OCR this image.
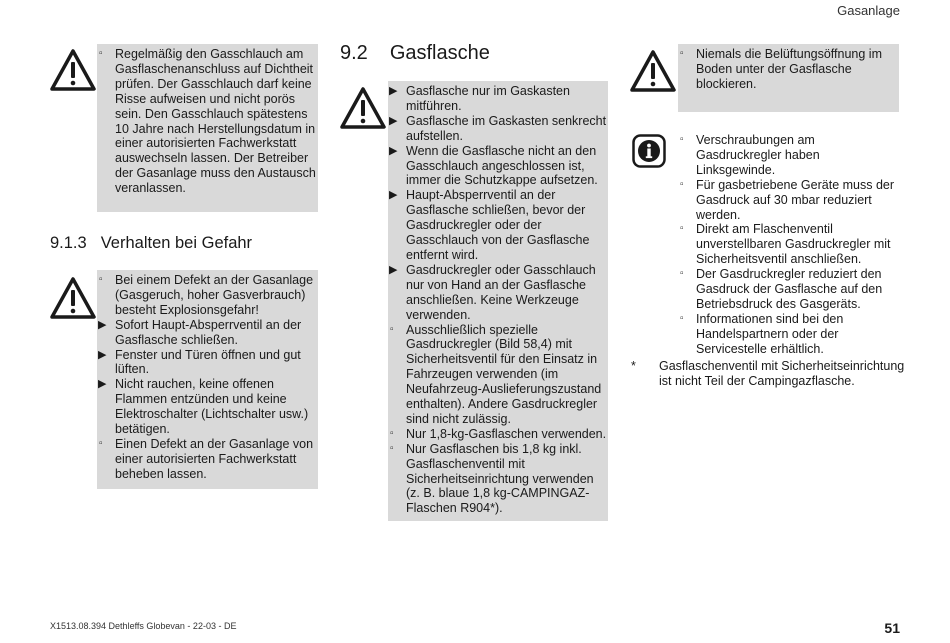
Gasanlage
▫ Regelmäßig den Gasschlauch am Gasflaschenanschluss auf Dichtheit prüfen. Der Gasschlauch darf keine Risse aufweisen und nicht porös sein. Den Gasschlauch spätestens 10 Jahre nach Herstellungsdatum in einer autorisierten Fachwerkstatt auswechseln lassen. Der Betreiber der Gasanlage muss den Austausch veranlassen.
9.1.3 Verhalten bei Gefahr
▫ Bei einem Defekt an der Gasanlage (Gasgeruch, hoher Gasverbrauch) besteht Explosionsgefahr!
▶ Sofort Haupt-Absperrventil an der Gasflasche schließen.
▶ Fenster und Türen öffnen und gut lüften.
▶ Nicht rauchen, keine offenen Flammen entzünden und keine Elektroschalter (Lichtschalter usw.) betätigen.
▫ Einen Defekt an der Gasanlage von einer autorisierten Fachwerkstatt beheben lassen.
9.2 Gasflasche
▶ Gasflasche nur im Gaskasten mitführen.
▶ Gasflasche im Gaskasten senkrecht aufstellen.
▶ Wenn die Gasflasche nicht an den Gasschlauch angeschlossen ist, immer die Schutzkappe aufsetzen.
▶ Haupt-Absperrventil an der Gasflasche schließen, bevor der Gasdruckregler oder der Gasschlauch von der Gasflasche entfernt wird.
▶ Gasdruckregler oder Gasschlauch nur von Hand an der Gasflasche anschließen. Keine Werkzeuge verwenden.
▫ Ausschließlich spezielle Gasdruckregler (Bild 58,4) mit Sicherheitsventil für den Einsatz in Fahrzeugen verwenden (im Neufahrzeug-Auslieferungszustand enthalten). Andere Gasdruckregler sind nicht zulässig.
▫ Nur 1,8-kg-Gasflaschen verwenden.
▫ Nur Gasflaschen bis 1,8 kg inkl. Gasflaschenventil mit Sicherheitseinrichtung verwenden (z. B. blaue 1,8 kg-CAMPINGAZ-Flaschen R904*).
▫ Niemals die Belüftungsöffnung im Boden unter der Gasflasche blockieren.
▫ Verschraubungen am Gasdruckregler haben Linksgewinde.
▫ Für gasbetriebene Geräte muss der Gasdruck auf 30 mbar reduziert werden.
▫ Direkt am Flaschenventil unverstellbaren Gasdruckregler mit Sicherheitsventil anschließen.
▫ Der Gasdruckregler reduziert den Gasdruck der Gasflasche auf den Betriebsdruck des Gasgeräts.
▫ Informationen sind bei den Handelspartnern oder der Servicestelle erhältlich.
* Gasflaschenventil mit Sicherheitseinrichtung ist nicht Teil der Campingazflasche.
X1513.08.394 Dethleffs Globevan - 22-03 - DE	51
